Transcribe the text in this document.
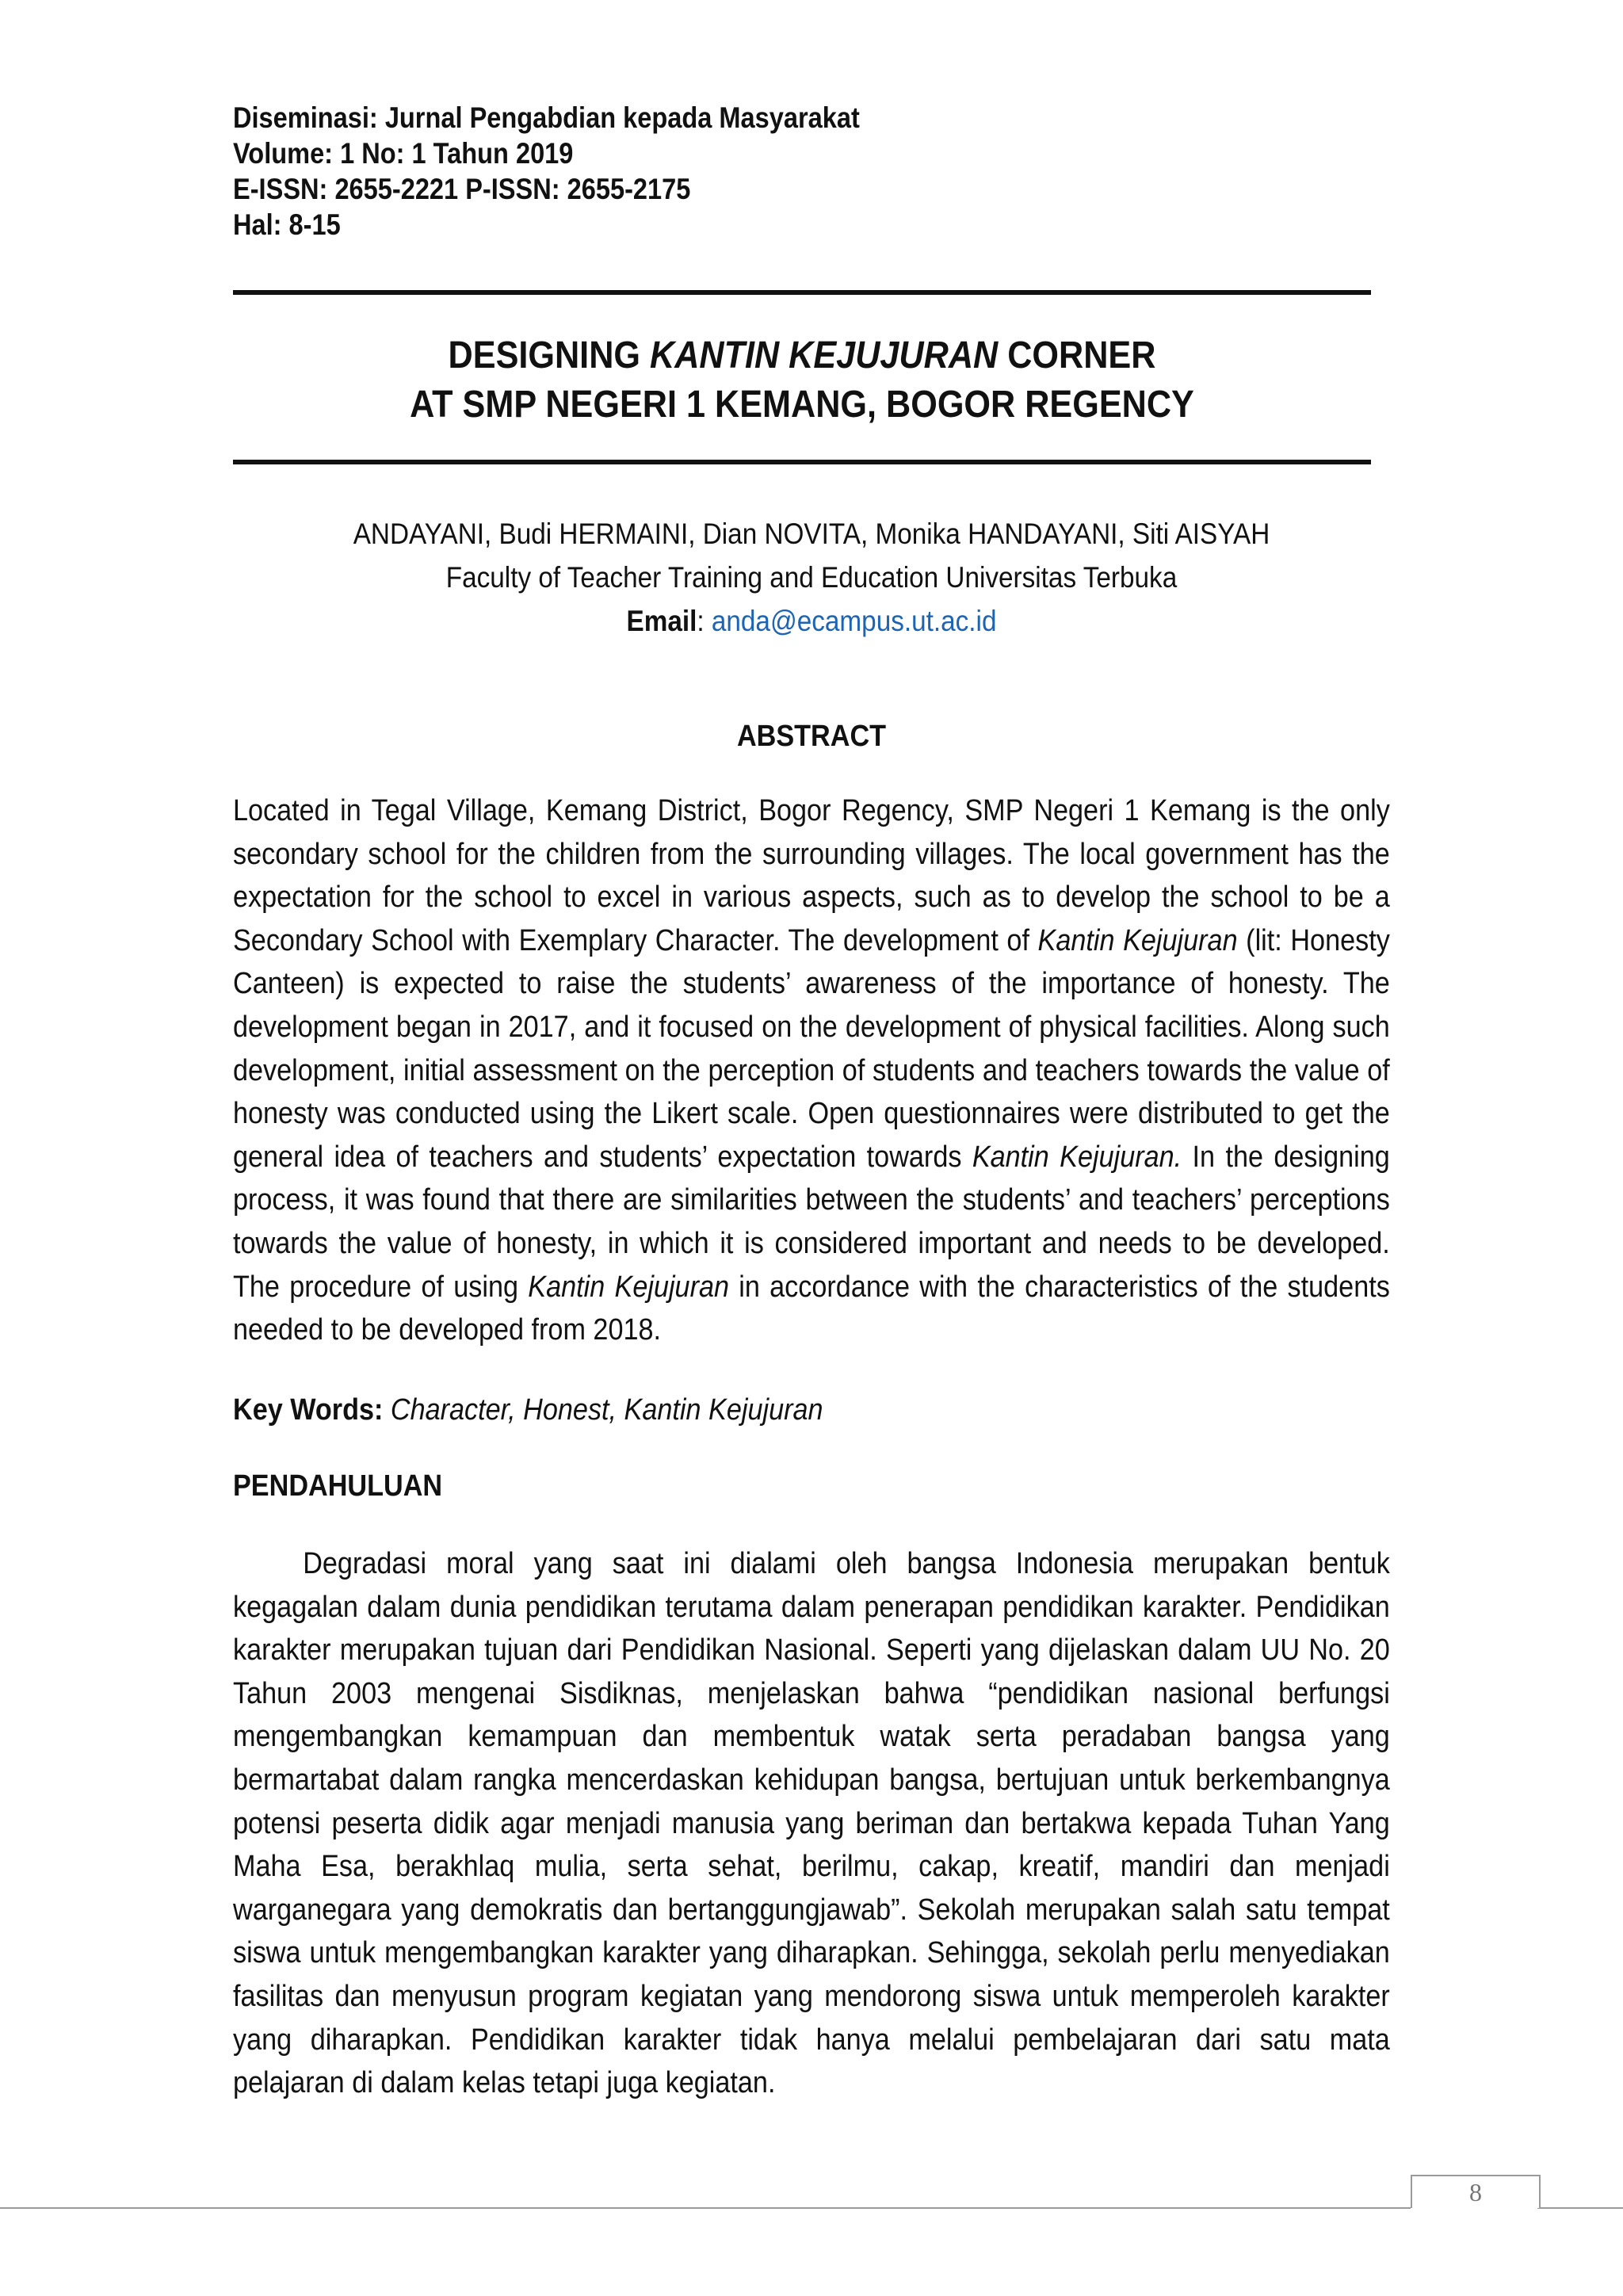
Diseminasi: Jurnal Pengabdian kepada Masyarakat
Volume: 1 No: 1 Tahun 2019
E-ISSN: 2655-2221 P-ISSN: 2655-2175
Hal: 8-15
DESIGNING KANTIN KEJUJURAN CORNER
AT SMP NEGERI 1 KEMANG, BOGOR REGENCY
ANDAYANI, Budi HERMAINI, Dian NOVITA, Monika HANDAYANI, Siti AISYAH
Faculty of Teacher Training and Education Universitas Terbuka
Email: anda@ecampus.ut.ac.id
ABSTRACT
Located in Tegal Village, Kemang District, Bogor Regency, SMP Negeri 1 Kemang is the only secondary school for the children from the surrounding villages. The local government has the expectation for the school to excel in various aspects, such as to develop the school to be a Secondary School with Exemplary Character. The development of Kantin Kejujuran (lit: Honesty Canteen) is expected to raise the students’ awareness of the importance of honesty. The development began in 2017, and it focused on the development of physical facilities. Along such development, initial assessment on the perception of students and teachers towards the value of honesty was conducted using the Likert scale. Open questionnaires were distributed to get the general idea of teachers and students’ expectation towards Kantin Kejujuran. In the designing process, it was found that there are similarities between the students’ and teachers’ perceptions towards the value of honesty, in which it is considered important and needs to be developed. The procedure of using Kantin Kejujuran in accordance with the characteristics of the students needed to be developed from 2018.
Key Words: Character, Honest, Kantin Kejujuran
PENDAHULUAN
Degradasi moral yang saat ini dialami oleh bangsa Indonesia merupakan bentuk kegagalan dalam dunia pendidikan terutama dalam penerapan pendidikan karakter. Pendidikan karakter merupakan tujuan dari Pendidikan Nasional. Seperti yang dijelaskan dalam UU No. 20 Tahun 2003 mengenai Sisdiknas, menjelaskan bahwa “pendidikan nasional berfungsi mengembangkan kemampuan dan membentuk watak serta peradaban bangsa yang bermartabat dalam rangka mencerdaskan kehidupan bangsa, bertujuan untuk berkembangnya potensi peserta didik agar menjadi manusia yang beriman dan bertakwa kepada Tuhan Yang Maha Esa, berakhlaq mulia, serta sehat, berilmu, cakap, kreatif, mandiri dan menjadi warganegara yang demokratis dan bertanggungjawab”. Sekolah merupakan salah satu tempat siswa untuk mengembangkan karakter yang diharapkan. Sehingga, sekolah perlu menyediakan fasilitas dan menyusun program kegiatan yang mendorong siswa untuk memperoleh karakter yang diharapkan. Pendidikan karakter tidak hanya melalui pembelajaran dari satu mata pelajaran di dalam kelas tetapi juga kegiatan.
8
